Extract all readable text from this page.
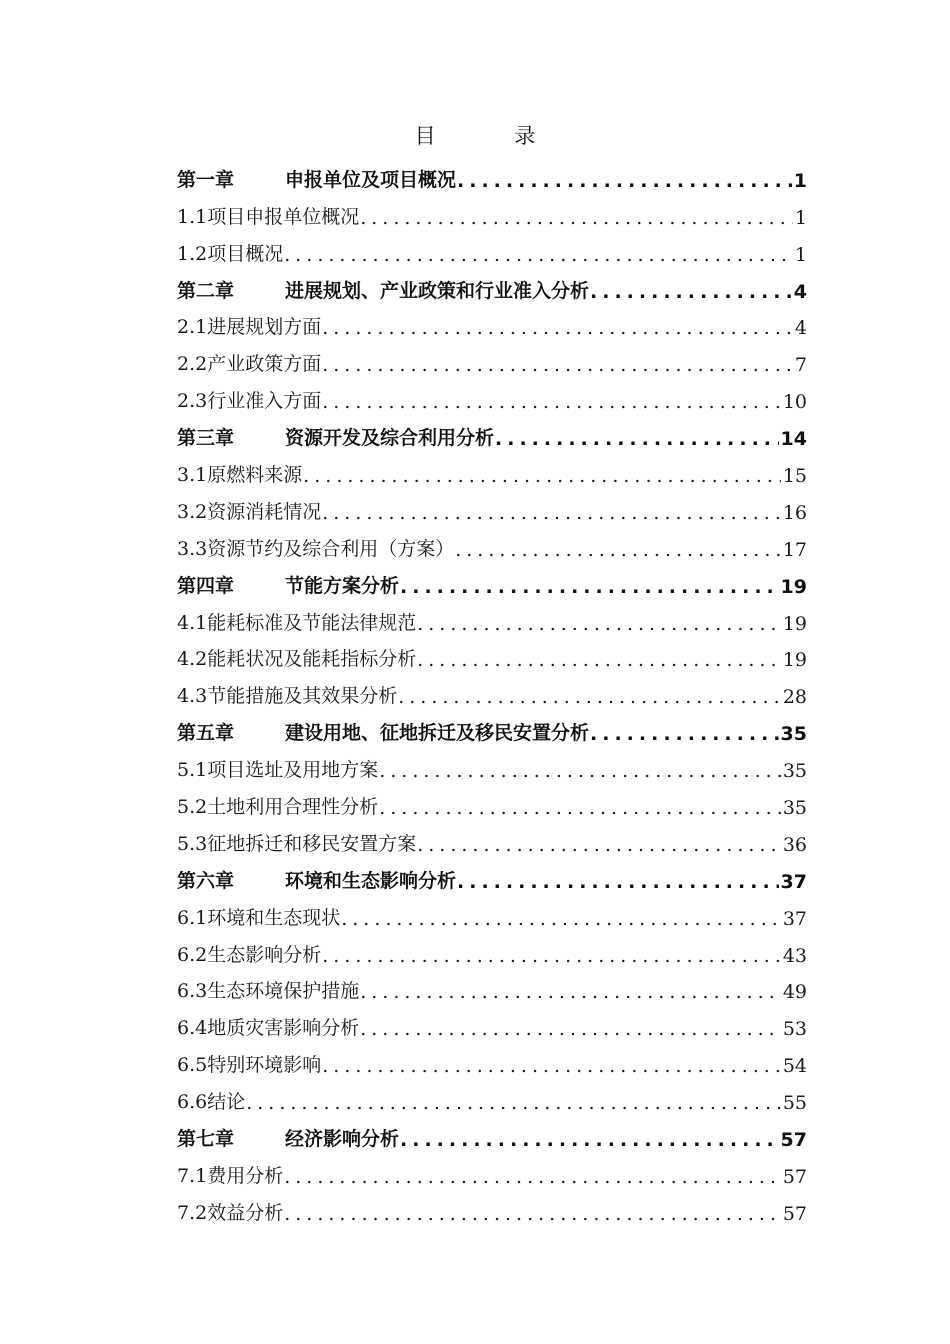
目 录
第一章	申报单位及项目概况 .....	1
1.1项目申报单位概况 .....	1
1.2项目概况 .....	1
第二章	进展规划、产业政策和行业准入分析 .....	4
2.1进展规划方面 .....	4
2.2产业政策方面 .....	7
2.3行业准入方面 .....	10
第三章	资源开发及综合利用分析 .....	14
3.1原燃料来源 .....	15
3.2资源消耗情况 .....	16
3.3资源节约及综合利用（方案） .....	17
第四章	节能方案分析 .....	19
4.1能耗标准及节能法律规范 .....	19
4.2能耗状况及能耗指标分析 .....	19
4.3节能措施及其效果分析 .....	28
第五章	建设用地、征地拆迁及移民安置分析 .....	35
5.1项目选址及用地方案 .....	35
5.2土地利用合理性分析 .....	35
5.3征地拆迁和移民安置方案 .....	36
第六章	环境和生态影响分析 .....	37
6.1环境和生态现状 .....	37
6.2生态影响分析 .....	43
6.3生态环境保护措施 .....	49
6.4地质灾害影响分析 .....	53
6.5特别环境影响 .....	54
6.6结论 .....	55
第七章	经济影响分析 .....	57
7.1费用分析 .....	57
7.2效益分析 .....	57
